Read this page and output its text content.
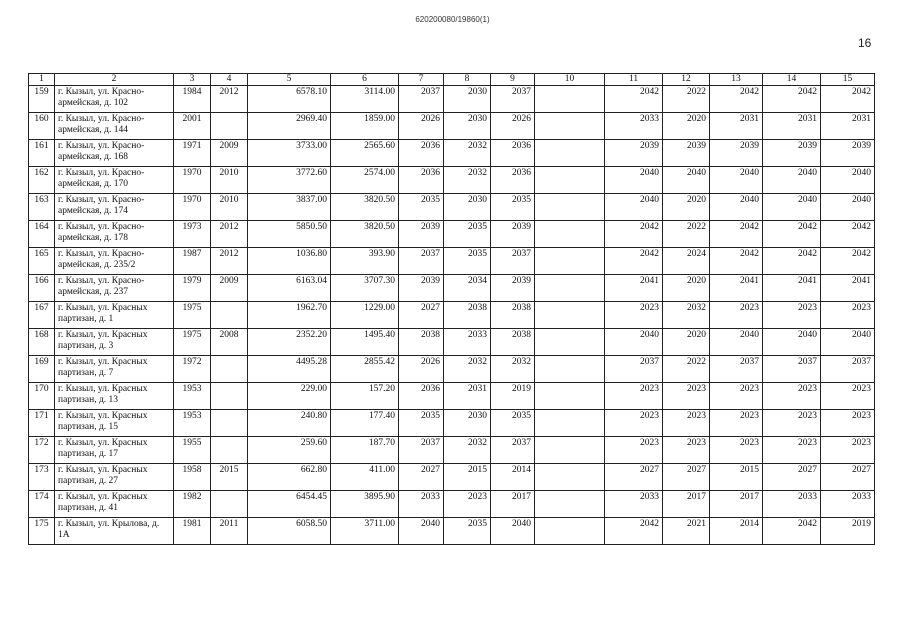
620200080/19860(1)
16
1	2	3	4	5	6	7	8	9	10	11	12	13	14	15
159	г. Кызыл, ул. Красно-армейская, д. 102	1984	2012	6578.10	3114.00	2037	2030	2037		2042	2022	2042	2042	2042
160	г. Кызыл, ул. Красно-армейская, д. 144	2001		2969.40	1859.00	2026	2030	2026		2033	2020	2031	2031	2031
161	г. Кызыл, ул. Красно-армейская, д. 168	1971	2009	3733.00	2565.60	2036	2032	2036		2039	2039	2039	2039	2039
162	г. Кызыл, ул. Красно-армейская, д. 170	1970	2010	3772.60	2574.00	2036	2032	2036		2040	2040	2040	2040	2040
163	г. Кызыл, ул. Красно-армейская, д. 174	1970	2010	3837.00	3820.50	2035	2030	2035		2040	2020	2040	2040	2040
164	г. Кызыл, ул. Красно-армейская, д. 178	1973	2012	5850.50	3820.50	2039	2035	2039		2042	2022	2042	2042	2042
165	г. Кызыл, ул. Красно-армейская, д. 235/2	1987	2012	1036.80	393.90	2037	2035	2037		2042	2024	2042	2042	2042
166	г. Кызыл, ул. Красно-армейская, д. 237	1979	2009	6163.04	3707.30	2039	2034	2039		2041	2020	2041	2041	2041
167	г. Кызыл, ул. Красных партизан, д. 1	1975		1962.70	1229.00	2027	2038	2038		2023	2032	2023	2023	2023
168	г. Кызыл, ул. Красных партизан, д. 3	1975	2008	2352.20	1495.40	2038	2033	2038		2040	2020	2040	2040	2040
169	г. Кызыл, ул. Красных партизан, д. 7	1972		4495.28	2855.42	2026	2032	2032		2037	2022	2037	2037	2037
170	г. Кызыл, ул. Красных партизан, д. 13	1953		229.00	157.20	2036	2031	2019		2023	2023	2023	2023	2023
171	г. Кызыл, ул. Красных партизан, д. 15	1953		240.80	177.40	2035	2030	2035		2023	2023	2023	2023	2023
172	г. Кызыл, ул. Красных партизан, д. 17	1955		259.60	187.70	2037	2032	2037		2023	2023	2023	2023	2023
173	г. Кызыл, ул. Красных партизан, д. 27	1958	2015	662.80	411.00	2027	2015	2014		2027	2027	2015	2027	2027
174	г. Кызыл, ул. Красных партизан, д. 41	1982		6454.45	3895.90	2033	2023	2017		2033	2017	2017	2033	2033
175	г. Кызыл, ул. Крылова, д. 1А	1981	2011	6058.50	3711.00	2040	2035	2040		2042	2021	2014	2042	2019
